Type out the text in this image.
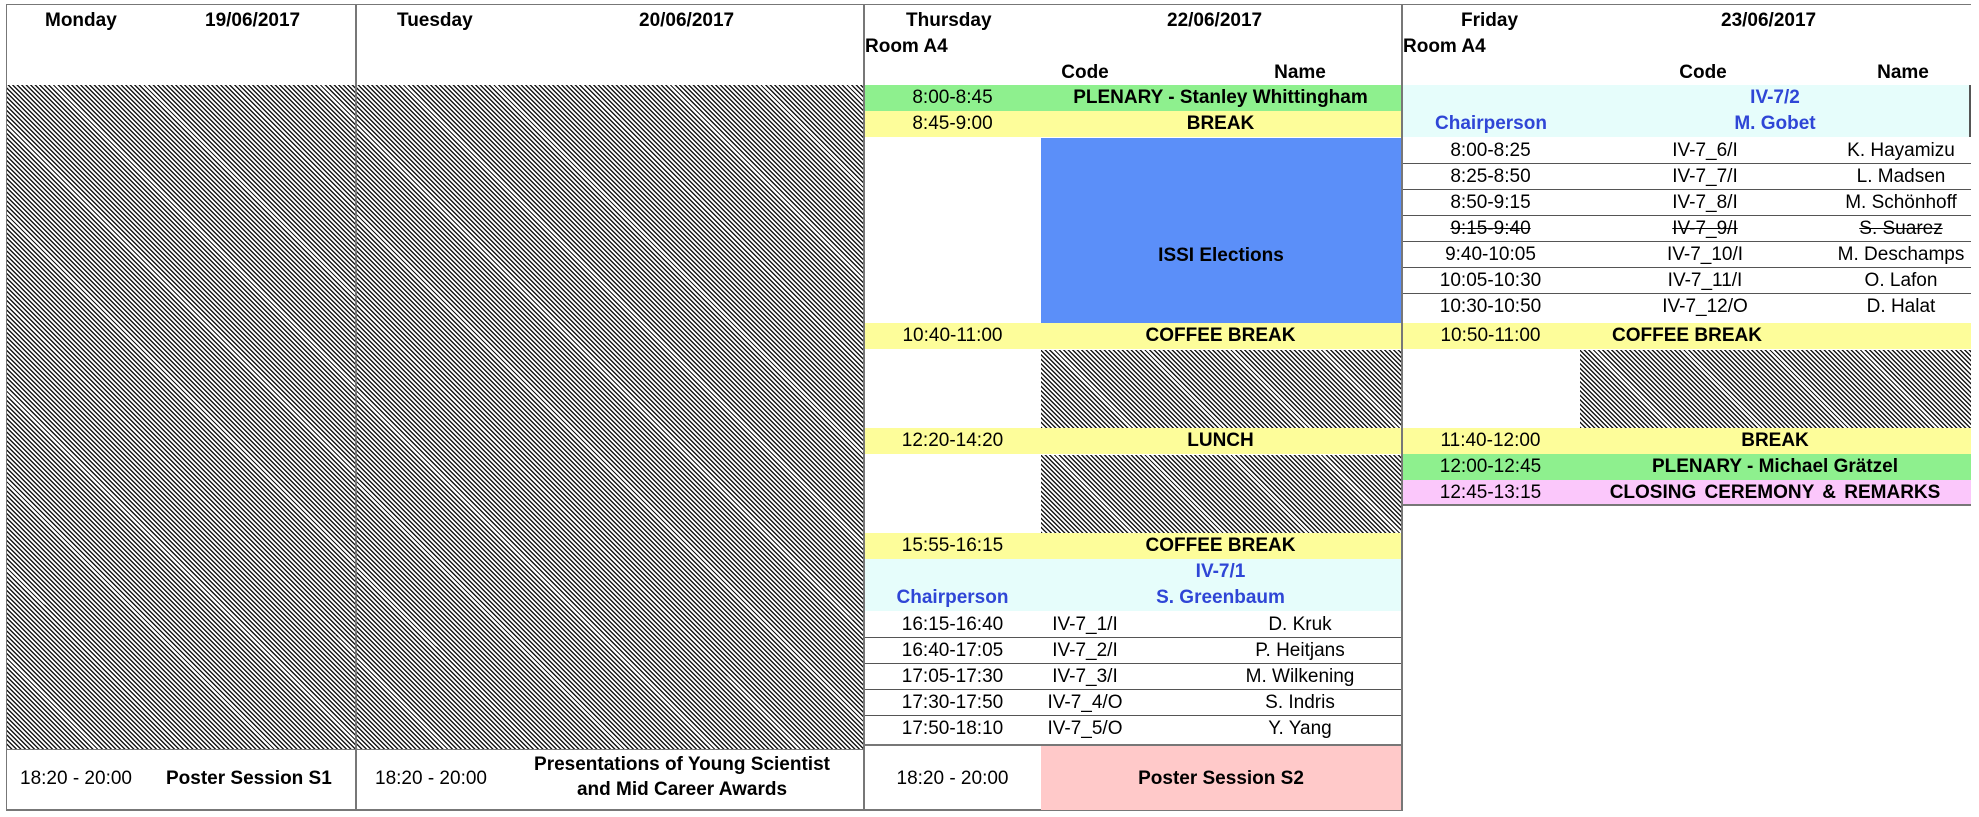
Monday	19/06/2017
18:20 - 20:00 Poster Session S1
Tuesday	20/06/2017
18:20 - 20:00
Presentations of Young Scientist
and Mid Career Awards
Thursday	22/06/2017
Room A4
Code	Name
8:00-8:45	PLENARY - Stanley Whittingham
8:45-9:00	BREAK
ISSI Elections
10:40-11:00	COFFEE BREAK
12:20-14:20	LUNCH
15:55-16:15	COFFEE BREAK
IV-7/1
Chairperson	S. Greenbaum
16:15-16:40	IV-7_1/I	D. Kruk
16:40-17:05	IV-7_2/I	P. Heitjans
17:05-17:30	IV-7_3/I	M. Wilkening
17:30-17:50	IV-7_4/O	S. Indris
17:50-18:10	IV-7_5/O	Y. Yang
18:20 - 20:00	Poster Session S2
Friday	23/06/2017
Room A4
Code	Name
IV-7/2
Chairperson	M. Gobet
8:00-8:25	IV-7_6/I	K. Hayamizu
8:25-8:50	IV-7_7/I	L. Madsen
8:50-9:15	IV-7_8/I	M. Schönhoff
9:15-9:40	IV-7_9/I	S. Suarez
9:40-10:05	IV-7_10/I	M. Deschamps
10:05-10:30	IV-7_11/I	O. Lafon
10:30-10:50	IV-7_12/O	D. Halat
10:50-11:00	COFFEE BREAK
11:40-12:00	BREAK
12:00-12:45	PLENARY - Michael Grätzel
12:45-13:15	CLOSING CEREMONY & REMARKS
